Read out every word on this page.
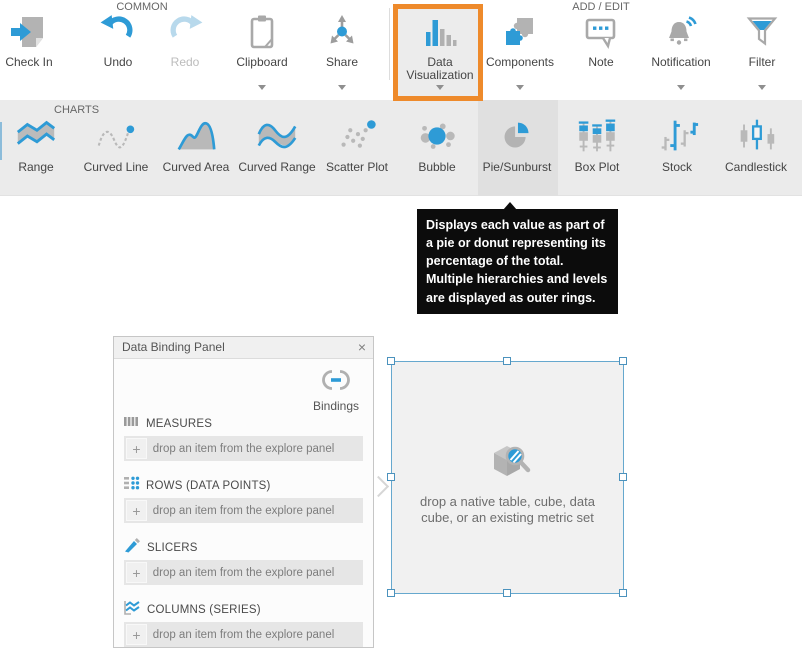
COMMON	ADD / EDIT
Check In	Undo	Redo	Clipboard	Share	Data Visualization
Components	Note	Notification	Filter
CHARTS
Range Curved Line Curved Area Curved Range Scatter Plot	Bubble Pie/Sunburst Box Plot	Stock	Candlestick
Displays each value as part of a pie or donut representing its percentage of the total. Multiple hierarchies and levels are displayed as outer rings.
Data Binding Panel	×
Bindings
MEASURES
+	drop an item from the explore panel
ROWS (DATA POINTS)
+	drop an item from the explore panel
SLICERS
+	drop an item from the explore panel
COLUMNS (SERIES)
+	drop an item from the explore panel
drop a native table, cube, data cube, or an existing metric set
